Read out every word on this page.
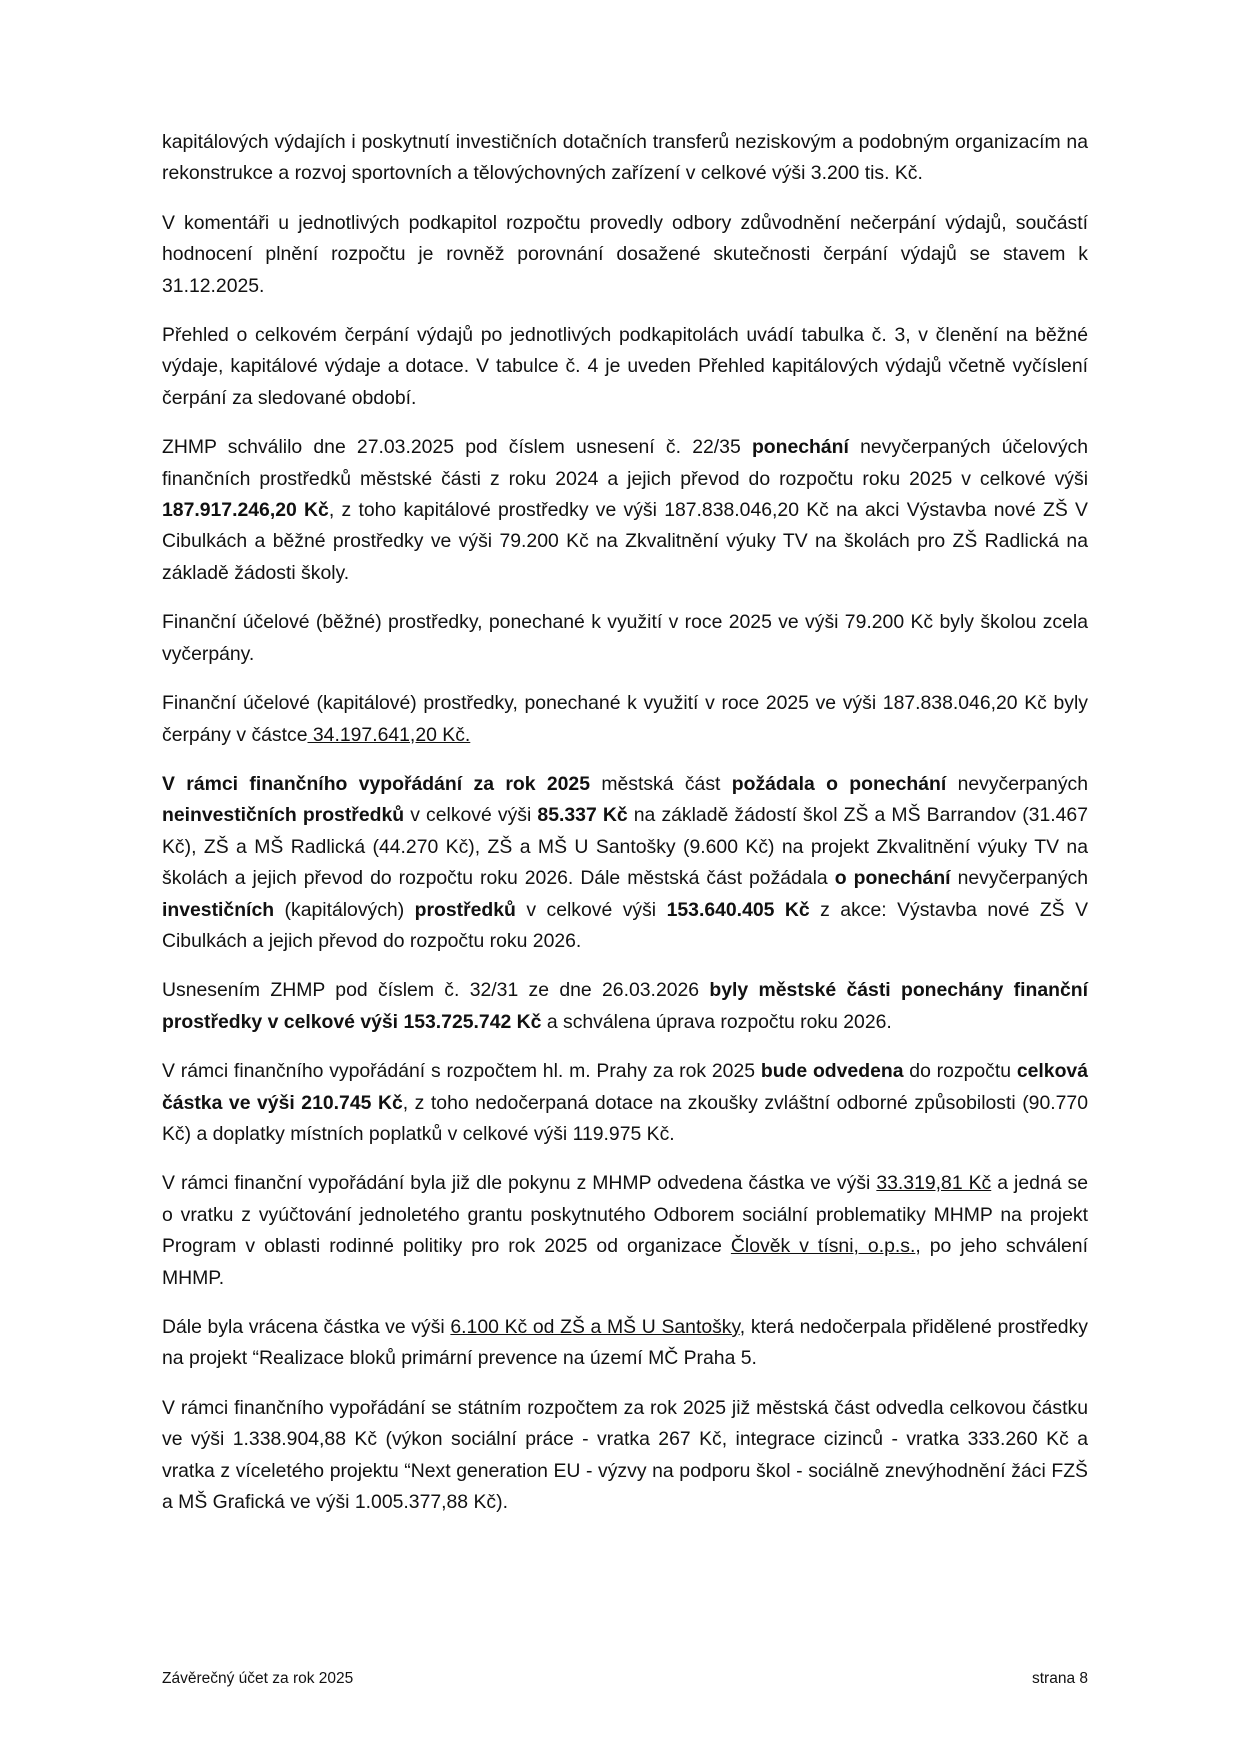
kapitálových výdajích i poskytnutí investičních dotačních transferů neziskovým a podobným organizacím na rekonstrukce a rozvoj sportovních a tělovýchovných zařízení v celkové výši 3.200 tis. Kč.

V komentáři u jednotlivých podkapitol rozpočtu provedly odbory zdůvodnění nečerpání výdajů, součástí hodnocení plnění rozpočtu je rovněž porovnání dosažené skutečnosti čerpání výdajů se stavem k 31.12.2025.

Přehled o celkovém čerpání výdajů po jednotlivých podkapitolách uvádí tabulka č. 3, v členění na běžné výdaje, kapitálové výdaje a dotace. V tabulce č. 4 je uveden Přehled kapitálových výdajů včetně vyčíslení čerpání za sledované období.

ZHMP schválilo dne 27.03.2025 pod číslem usnesení č. 22/35 ponechání nevyčerpaných účelových finančních prostředků městské části z roku 2024 a jejich převod do rozpočtu roku 2025 v celkové výši 187.917.246,20 Kč, z toho kapitálové prostředky ve výši 187.838.046,20 Kč na akci Výstavba nové ZŠ V Cibulkách a běžné prostředky ve výši 79.200 Kč na Zkvalitnění výuky TV na školách pro ZŠ Radlická na základě žádosti školy.

Finanční účelové (běžné) prostředky, ponechané k využití v roce 2025 ve výši 79.200 Kč byly školou zcela vyčerpány.

Finanční účelové (kapitálové) prostředky, ponechané k využití v roce 2025 ve výši 187.838.046,20 Kč byly čerpány v částce 34.197.641,20 Kč.

V rámci finančního vypořádání za rok 2025 městská část požádala o ponechání nevyčerpaných neinvestičních prostředků v celkové výši 85.337 Kč na základě žádostí škol ZŠ a MŠ Barrandov (31.467 Kč), ZŠ a MŠ Radlická (44.270 Kč), ZŠ a MŠ U Santošky (9.600 Kč) na projekt Zkvalitnění výuky TV na školách a jejich převod do rozpočtu roku 2026. Dále městská část požádala o ponechání nevyčerpaných investičních (kapitálových) prostředků v celkové výši 153.640.405 Kč z akce: Výstavba nové ZŠ V Cibulkách a jejich převod do rozpočtu roku 2026.

Usnesením ZHMP pod číslem č. 32/31 ze dne 26.03.2026 byly městské části ponechány finanční prostředky v celkové výši 153.725.742 Kč a schválena úprava rozpočtu roku 2026.

V rámci finančního vypořádání s rozpočtem hl. m. Prahy za rok 2025 bude odvedena do rozpočtu celková částka ve výši 210.745 Kč, z toho nedočerpaná dotace na zkoušky zvláštní odborné způsobilosti (90.770 Kč) a doplatky místních poplatků v celkové výši 119.975 Kč.

V rámci finanční vypořádání byla již dle pokynu z MHMP odvedena částka ve výši 33.319,81 Kč a jedná se o vratku z vyúčtování jednoletého grantu poskytnutého Odborem sociální problematiky MHMP na projekt Program v oblasti rodinné politiky pro rok 2025 od organizace Člověk v tísni, o.p.s., po jeho schválení MHMP.

Dále byla vrácena částka ve výši 6.100 Kč od ZŠ a MŠ U Santošky, která nedočerpala přidělené prostředky na projekt “Realizace bloků primární prevence na území MČ Praha 5.

V rámci finančního vypořádání se státním rozpočtem za rok 2025 již městská část odvedla celkovou částku ve výši 1.338.904,88 Kč (výkon sociální práce - vratka 267 Kč, integrace cizinců - vratka 333.260 Kč a vratka z víceletého projektu “Next generation EU - výzvy na podporu škol - sociálně znevýhodnění žáci FZŠ a MŠ Grafická ve výši 1.005.377,88 Kč).

Závěrečný účet za rok 2025	strana 8
